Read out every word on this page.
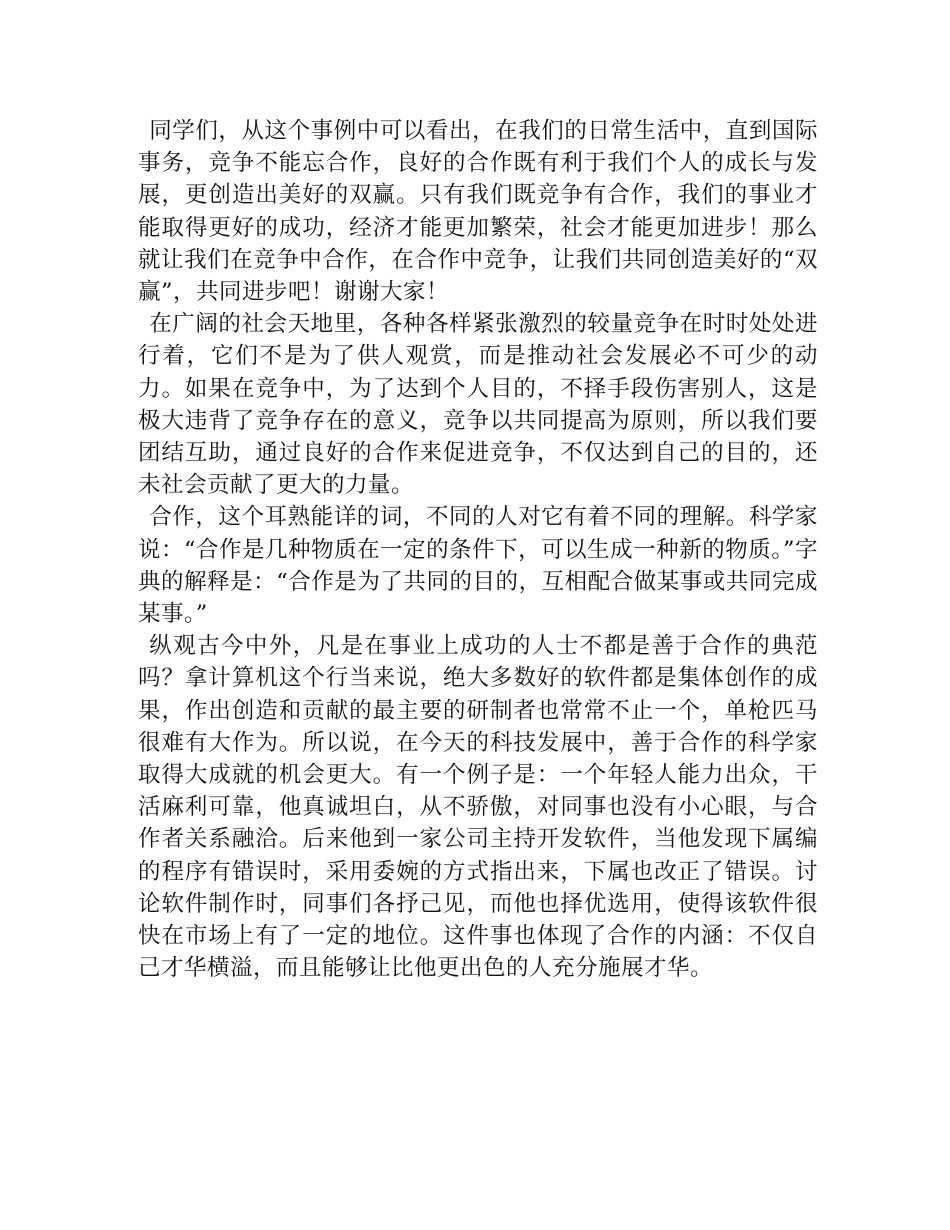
同学们，从这个事例中可以看出，在我们的日常生活中，直到国际事务，竞争不能忘合作，良好的合作既有利于我们个人的成长与发展，更创造出美好的双赢。只有我们既竞争有合作，我们的事业才能取得更好的成功，经济才能更加繁荣，社会才能更加进步！那么就让我们在竞争中合作，在合作中竞争，让我们共同创造美好的“双赢”，共同进步吧！谢谢大家！

在广阔的社会天地里，各种各样紧张激烈的较量竞争在时时处处进行着，它们不是为了供人观赏，而是推动社会发展必不可少的动力。如果在竞争中，为了达到个人目的，不择手段伤害别人，这是极大违背了竞争存在的意义，竞争以共同提高为原则，所以我们要团结互助，通过良好的合作来促进竞争，不仅达到自己的目的，还未社会贡献了更大的力量。

合作，这个耳熟能详的词，不同的人对它有着不同的理解。科学家说：“合作是几种物质在一定的条件下，可以生成一种新的物质。”字典的解释是：“合作是为了共同的目的，互相配合做某事或共同完成某事。”

纵观古今中外，凡是在事业上成功的人士不都是善于合作的典范吗？拿计算机这个行当来说，绝大多数好的软件都是集体创作的成果，作出创造和贡献的最主要的研制者也常常不止一个，单枪匹马很难有大作为。所以说，在今天的科技发展中，善于合作的科学家取得大成就的机会更大。有一个例子是：一个年轻人能力出众，干活麻利可靠，他真诚坦白，从不骄傲，对同事也没有小心眼，与合作者关系融洽。后来他到一家公司主持开发软件，当他发现下属编的程序有错误时，采用委婉的方式指出来，下属也改正了错误。讨论软件制作时，同事们各抒己见，而他也择优选用，使得该软件很快在市场上有了一定的地位。这件事也体现了合作的内涵：不仅自己才华横溢，而且能够让比他更出色的人充分施展才华。
